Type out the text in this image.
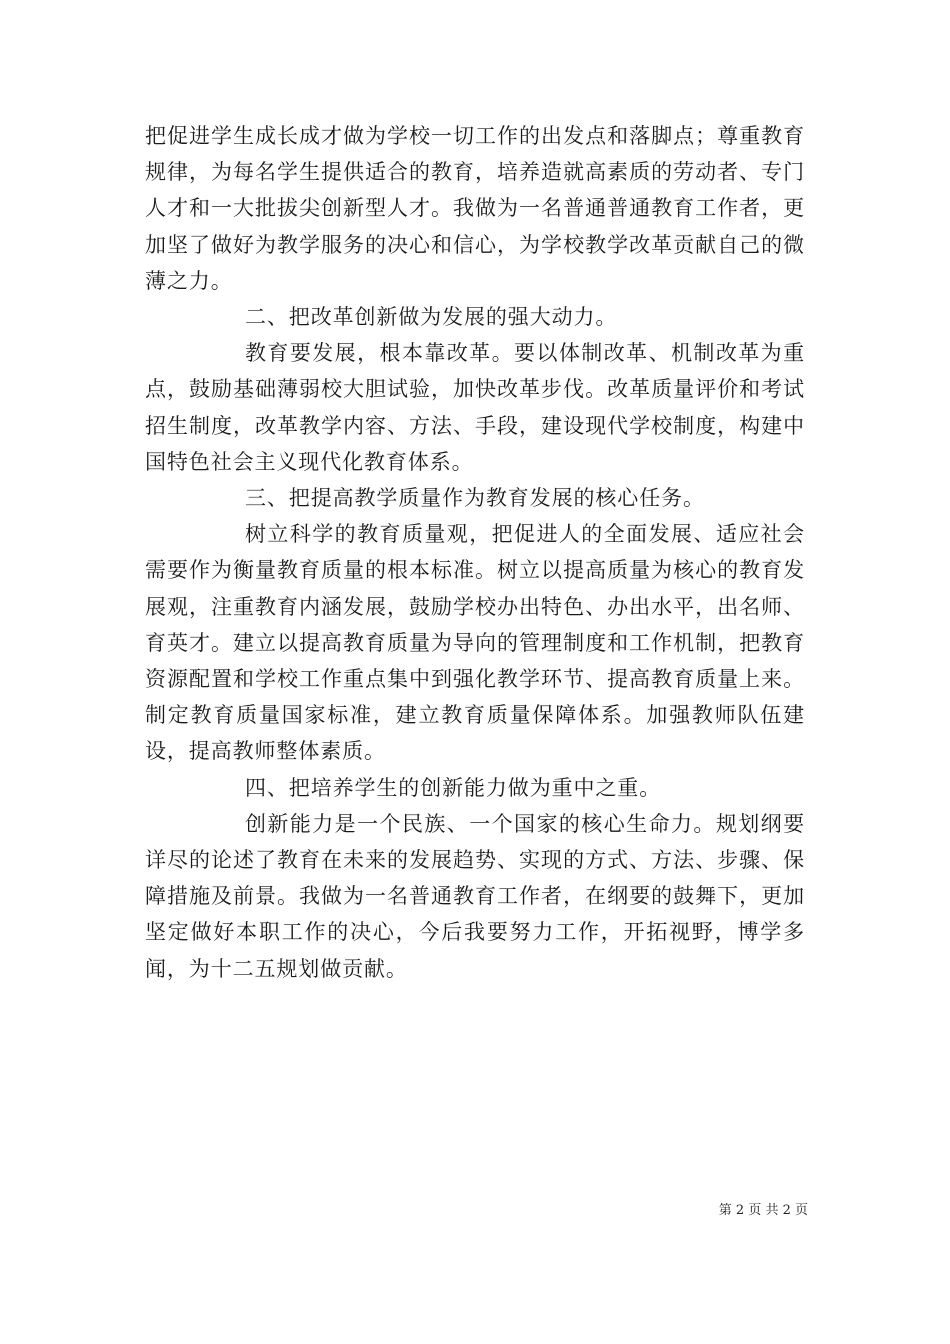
把促进学生成长成才做为学校一切工作的出发点和落脚点；尊重教育规律，为每名学生提供适合的教育，培养造就高素质的劳动者、专门人才和一大批拔尖创新型人才。我做为一名普通普通教育工作者，更加坚了做好为教学服务的决心和信心，为学校教学改革贡献自己的微薄之力。

二、把改革创新做为发展的强大动力。

教育要发展，根本靠改革。要以体制改革、机制改革为重点，鼓励基础薄弱校大胆试验，加快改革步伐。改革质量评价和考试招生制度，改革教学内容、方法、手段，建设现代学校制度，构建中国特色社会主义现代化教育体系。

三、把提高教学质量作为教育发展的核心任务。

树立科学的教育质量观，把促进人的全面发展、适应社会需要作为衡量教育质量的根本标准。树立以提高质量为核心的教育发展观，注重教育内涵发展，鼓励学校办出特色、办出水平，出名师、育英才。建立以提高教育质量为导向的管理制度和工作机制，把教育资源配置和学校工作重点集中到强化教学环节、提高教育质量上来。制定教育质量国家标准，建立教育质量保障体系。加强教师队伍建设，提高教师整体素质。

四、把培养学生的创新能力做为重中之重。

创新能力是一个民族、一个国家的核心生命力。规划纲要详尽的论述了教育在未来的发展趋势、实现的方式、方法、步骤、保障措施及前景。我做为一名普通教育工作者，在纲要的鼓舞下，更加坚定做好本职工作的决心，今后我要努力工作，开拓视野，博学多闻，为十二五规划做贡献。

第 2 页 共 2 页
